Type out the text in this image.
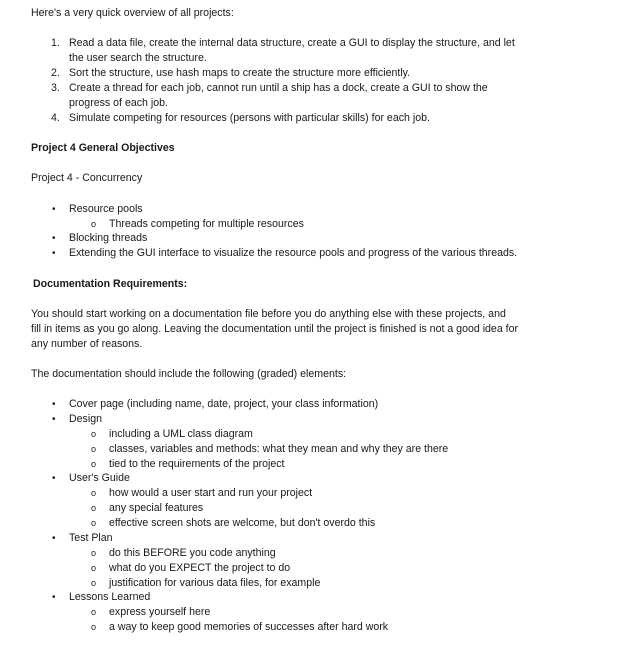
Here's a very quick overview of all projects:
1. Read a data file, create the internal data structure, create a GUI to display the structure, and let
the user search the structure.
2. Sort the structure, use hash maps to create the structure more efficiently.
3. Create a thread for each job, cannot run until a ship has a dock, create a GUI to show the
progress of each job.
4. Simulate competing for resources (persons with particular skills) for each job.
Project 4 General Objectives
Project 4 - Concurrency
• Resource pools
o Threads competing for multiple resources
• Blocking threads
• Extending the GUI interface to visualize the resource pools and progress of the various threads.
Documentation Requirements:
You should start working on a documentation file before you do anything else with these projects, and
fill in items as you go along. Leaving the documentation until the project is finished is not a good idea for
any number of reasons.
The documentation should include the following (graded) elements:
• Cover page (including name, date, project, your class information)
• Design
o including a UML class diagram
o classes, variables and methods: what they mean and why they are there
o tied to the requirements of the project
• User's Guide
o how would a user start and run your project
o any special features
o effective screen shots are welcome, but don't overdo this
• Test Plan
o do this BEFORE you code anything
o what do you EXPECT the project to do
o justification for various data files, for example
• Lessons Learned
o express yourself here
o a way to keep good memories of successes after hard work
